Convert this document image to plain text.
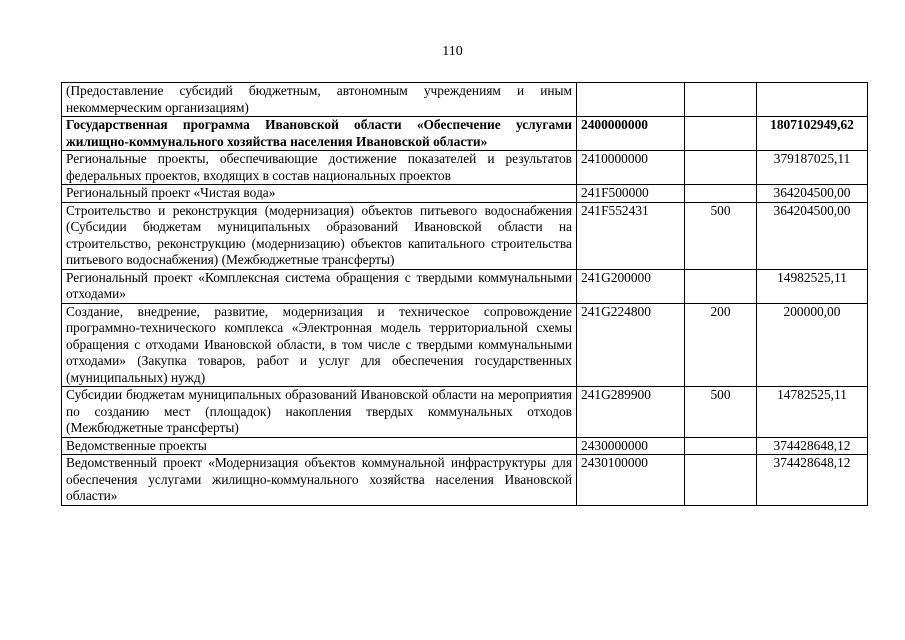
110
(Предоставление субсидий бюджетным, автономным учреждениям и иным некоммерческим организациям)			
Государственная программа Ивановской области «Обеспечение услугами жилищно-коммунального хозяйства населения Ивановской области»	2400000000		1807102949,62
Региональные проекты, обеспечивающие достижение показателей и результатов федеральных проектов, входящих в состав национальных проектов	2410000000		379187025,11
Региональный проект «Чистая вода»	241F500000		364204500,00
Строительство и реконструкция (модернизация) объектов питьевого водоснабжения (Субсидии бюджетам муниципальных образований Ивановской области на строительство, реконструкцию (модернизацию) объектов капитального строительства питьевого водоснабжения) (Межбюджетные трансферты)	241F552431	500	364204500,00
Региональный проект «Комплексная система обращения с твердыми коммунальными отходами»	241G200000		14982525,11
Создание, внедрение, развитие, модернизация и техническое сопровождение программно-технического комплекса «Электронная модель территориальной схемы обращения с отходами Ивановской области, в том числе с твердыми коммунальными отходами» (Закупка товаров, работ и услуг для обеспечения государственных (муниципальных) нужд)	241G224800	200	200000,00
Субсидии бюджетам муниципальных образований Ивановской области на мероприятия по созданию мест (площадок) накопления твердых коммунальных отходов (Межбюджетные трансферты)	241G289900	500	14782525,11
Ведомственные проекты	2430000000		374428648,12
Ведомственный проект «Модернизация объектов коммунальной инфраструктуры для обеспечения услугами жилищно-коммунального хозяйства населения Ивановской области»	2430100000		374428648,12
